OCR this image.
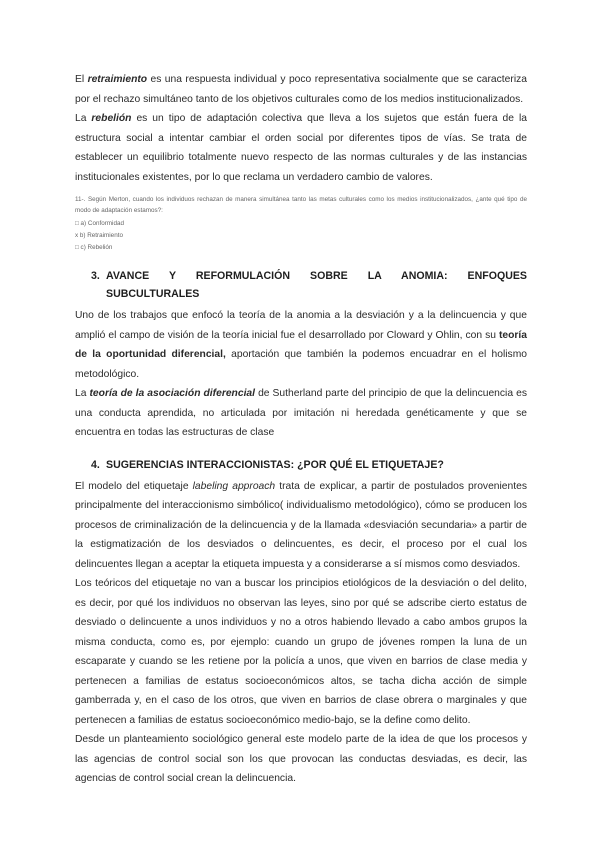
El retraimiento es una respuesta individual y poco representativa socialmente que se caracteriza por el rechazo simultáneo tanto de los objetivos culturales como de los medios institucionalizados.

La rebelión es un tipo de adaptación colectiva que lleva a los sujetos que están fuera de la estructura social a intentar cambiar el orden social por diferentes tipos de vías. Se trata de establecer un equilibrio totalmente nuevo respecto de las normas culturales y de las instancias institucionales existentes, por lo que reclama un verdadero cambio de valores.

11-. Según Merton, cuando los individuos rechazan de manera simultánea tanto las metas culturales como los medios institucionalizados, ¿ante qué tipo de modo de adaptación estamos?:
□ a) Conformidad
x b) Retraimiento
□ c) Rebelión
3. AVANCE Y REFORMULACIÓN SOBRE LA ANOMIA: ENFOQUES
SUBCULTURALES

Uno de los trabajos que enfocó la teoría de la anomia a la desviación y a la delincuencia y que amplió el campo de visión de la teoría inicial fue el desarrollado por Cloward y Ohlin, con su teoría de la oportunidad diferencial, aportación que también la podemos encuadrar en el holismo metodológico.

La teoría de la asociación diferencial de Sutherland parte del principio de que la delincuencia es una conducta aprendida, no articulada por imitación ni heredada genéticamente y que se encuentra en todas las estructuras de clase

4. SUGERENCIAS INTERACCIONISTAS: ¿POR QUÉ EL ETIQUETAJE?

El modelo del etiquetaje labeling approach trata de explicar, a partir de postulados provenientes principalmente del interaccionismo simbólico( individualismo metodológico), cómo se producen los procesos de criminalización de la delincuencia y de la llamada «desviación secundaria» a partir de la estigmatización de los desviados o delincuentes, es decir, el proceso por el cual los delincuentes llegan a aceptar la etiqueta impuesta y a considerarse a sí mismos como desviados.

Los teóricos del etiquetaje no van a buscar los principios etiológicos de la desviación o del delito, es decir, por qué los individuos no observan las leyes, sino por qué se adscribe cierto estatus de desviado o delincuente a unos individuos y no a otros habiendo llevado a cabo ambos grupos la misma conducta, como es, por ejemplo: cuando un grupo de jóvenes rompen la luna de un escaparate y cuando se les retiene por la policía a unos, que viven en barrios de clase media y pertenecen a familias de estatus socioeconómicos altos, se tacha dicha acción de simple gamberrada y, en el caso de los otros, que viven en barrios de clase obrera o marginales y que pertenecen a familias de estatus socioeconómico medio-bajo, se la define como delito.

Desde un planteamiento sociológico general este modelo parte de la idea de que los procesos y las agencias de control social son los que provocan las conductas desviadas, es decir, las agencias de control social crean la delincuencia.
